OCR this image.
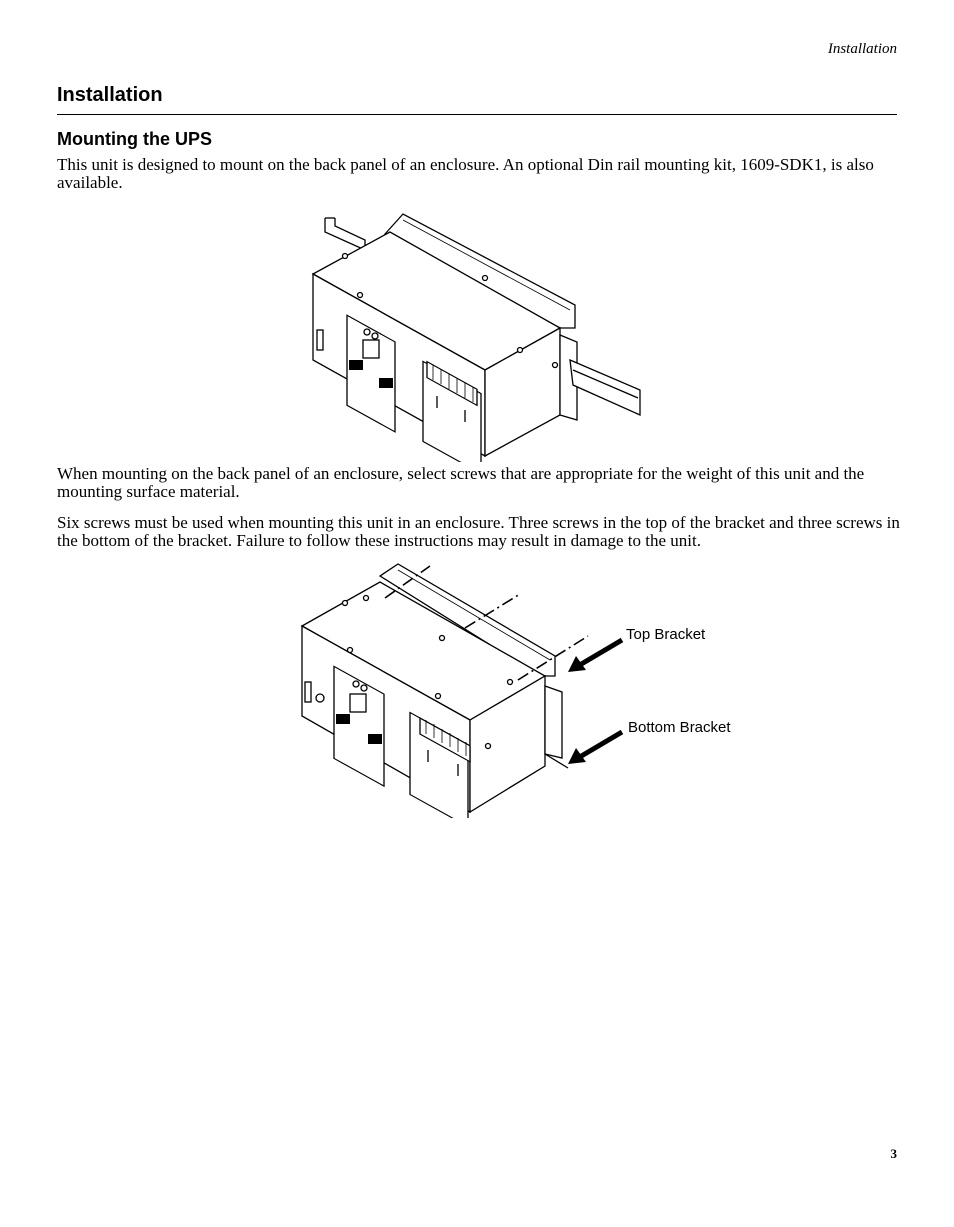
Installation
Installation
Mounting the UPS

This unit is designed to mount on the back panel of an enclosure. An optional Din rail mounting kit, 1609-SDK1, is also available.

When mounting on the back panel of an enclosure, select screws that are appropriate for the weight of this unit and the mounting surface material.

Six screws must be used when mounting this unit in an enclosure. Three screws in the top of the bracket and three screws in the bottom of the bracket. Failure to follow these instructions may result in damage to the unit.

Top Bracket
Bottom Bracket
3
